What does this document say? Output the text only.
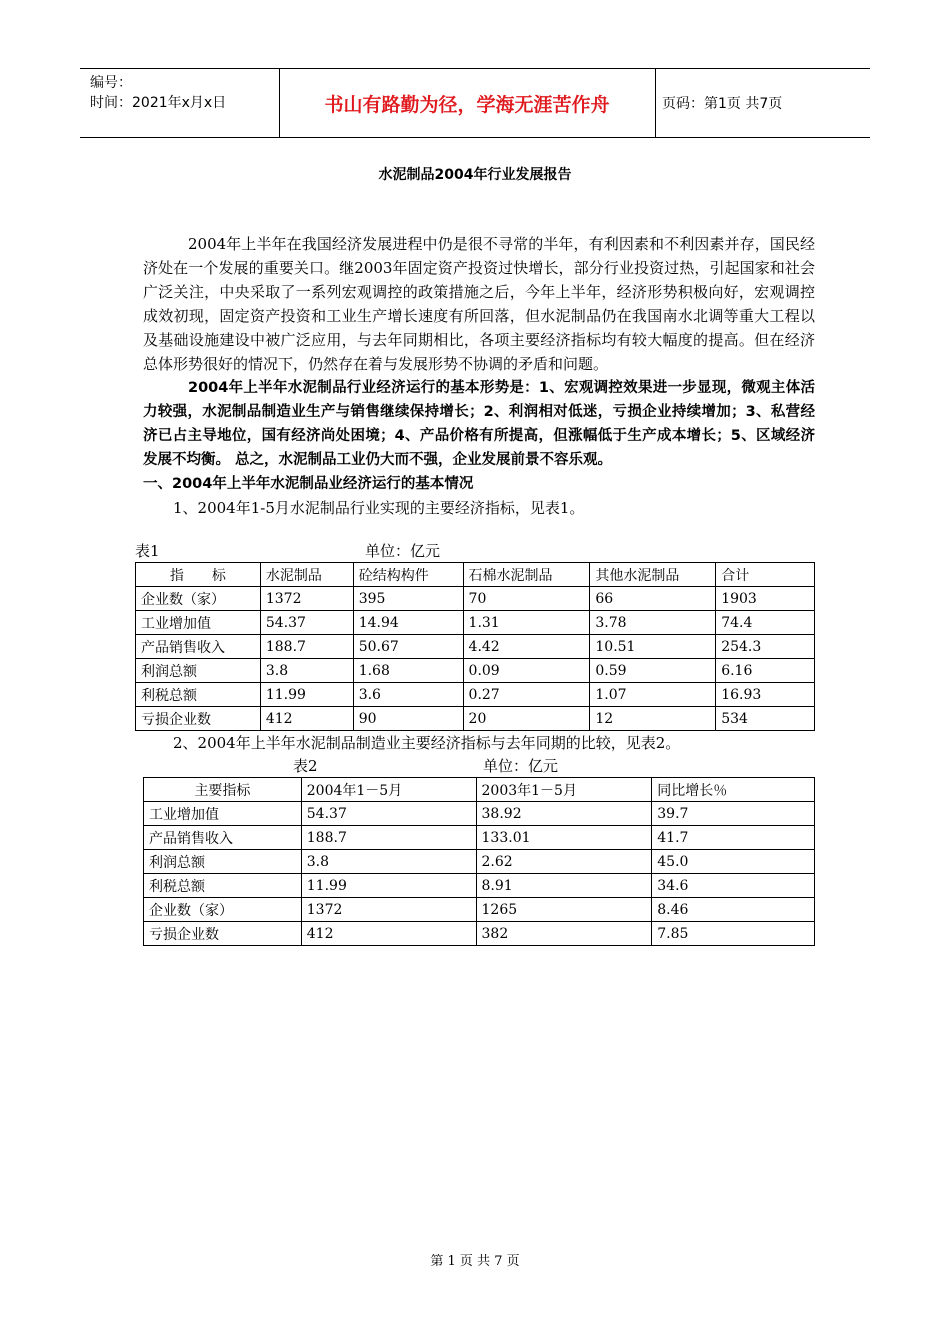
编号：
时间：2021年x月x日	书山有路勤为径，学海无涯苦作舟	页码：第1页 共7页
水泥制品2004年行业发展报告

2004年上半年在我国经济发展进程中仍是很不寻常的半年，有利因素和不利因素并存，国民经济处在一个发展的重要关口。继2003年固定资产投资过快增长，部分行业投资过热，引起国家和社会广泛关注，中央采取了一系列宏观调控的政策措施之后，今年上半年，经济形势积极向好，宏观调控成效初现，固定资产投资和工业生产增长速度有所回落，但水泥制品仍在我国南水北调等重大工程以及基础设施建设中被广泛应用，与去年同期相比，各项主要经济指标均有较大幅度的提高。但在经济总体形势很好的情况下，仍然存在着与发展形势不协调的矛盾和问题。

2004年上半年水泥制品行业经济运行的基本形势是：1、宏观调控效果进一步显现，微观主体活力较强，水泥制品制造业生产与销售继续保持增长；2、利润相对低迷，亏损企业持续增加；3、私营经济已占主导地位，国有经济尚处困境；4、产品价格有所提高，但涨幅低于生产成本增长；5、区域经济发展不均衡。 总之，水泥制品工业仍大而不强，企业发展前景不容乐观。

一、2004年上半年水泥制品业经济运行的基本情况

1、2004年1-5月水泥制品行业实现的主要经济指标，见表1。

表1	单位：亿元
指　　标	水泥制品	砼结构构件	石棉水泥制品	其他水泥制品	合计
企业数（家）	1372	395	70	66	1903
工业增加值	54.37	14.94	1.31	3.78	74.4
产品销售收入	188.7	50.67	4.42	10.51	254.3
利润总额	3.8	1.68	0.09	0.59	6.16
利税总额	11.99	3.6	0.27	1.07	16.93
亏损企业数	412	90	20	12	534

2、2004年上半年水泥制品制造业主要经济指标与去年同期的比较，见表2。

表2	单位：亿元
主要指标	2004年1－5月	2003年1－5月	同比增长％
工业增加值	54.37	38.92	39.7
产品销售收入	188.7	133.01	41.7
利润总额	3.8	2.62	45.0
利税总额	11.99	8.91	34.6
企业数（家）	1372	1265	8.46
亏损企业数	412	382	7.85
第 1 页 共 7 页
